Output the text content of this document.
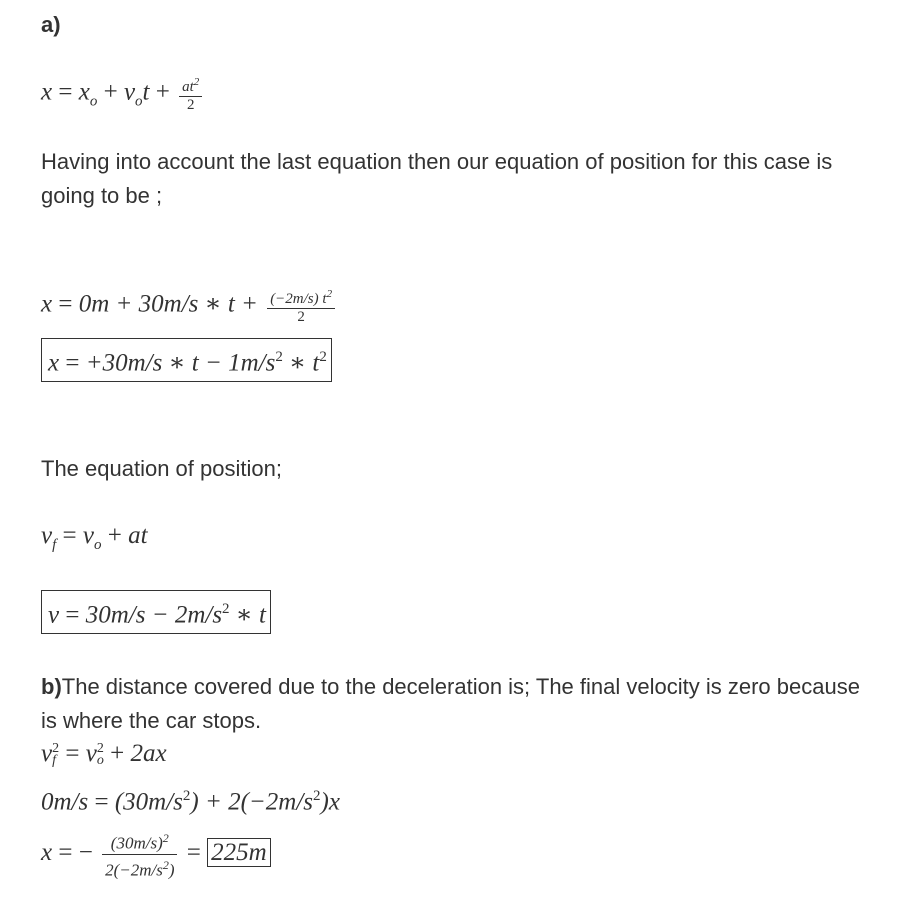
a)
$x = x_o + v_ot + \frac{at^2}{2}$
Having into account the last equation then our equation of position for this case is going to be ;
x = 0m + 30m/s ∗ $t + \frac{(-2m/s) t^2}{2}$
x = +30m/s ∗ $t - 1m/s^2$ ∗ $t^2$
The equation of position;
$v_f = v_o$ + at
$v = 30m/s - 2m/s^2$ ∗ t
b)The distance covered due to the deceleration is; The final velocity is zero because is where the car stops.
v 2
f = v 2
o + 2ax
$0m/s = (30m/s^2) + 2(-2m/s^2)x$
x = − $\frac{(30m/s)^2}{2(-2m/s^2)} = 225m$
